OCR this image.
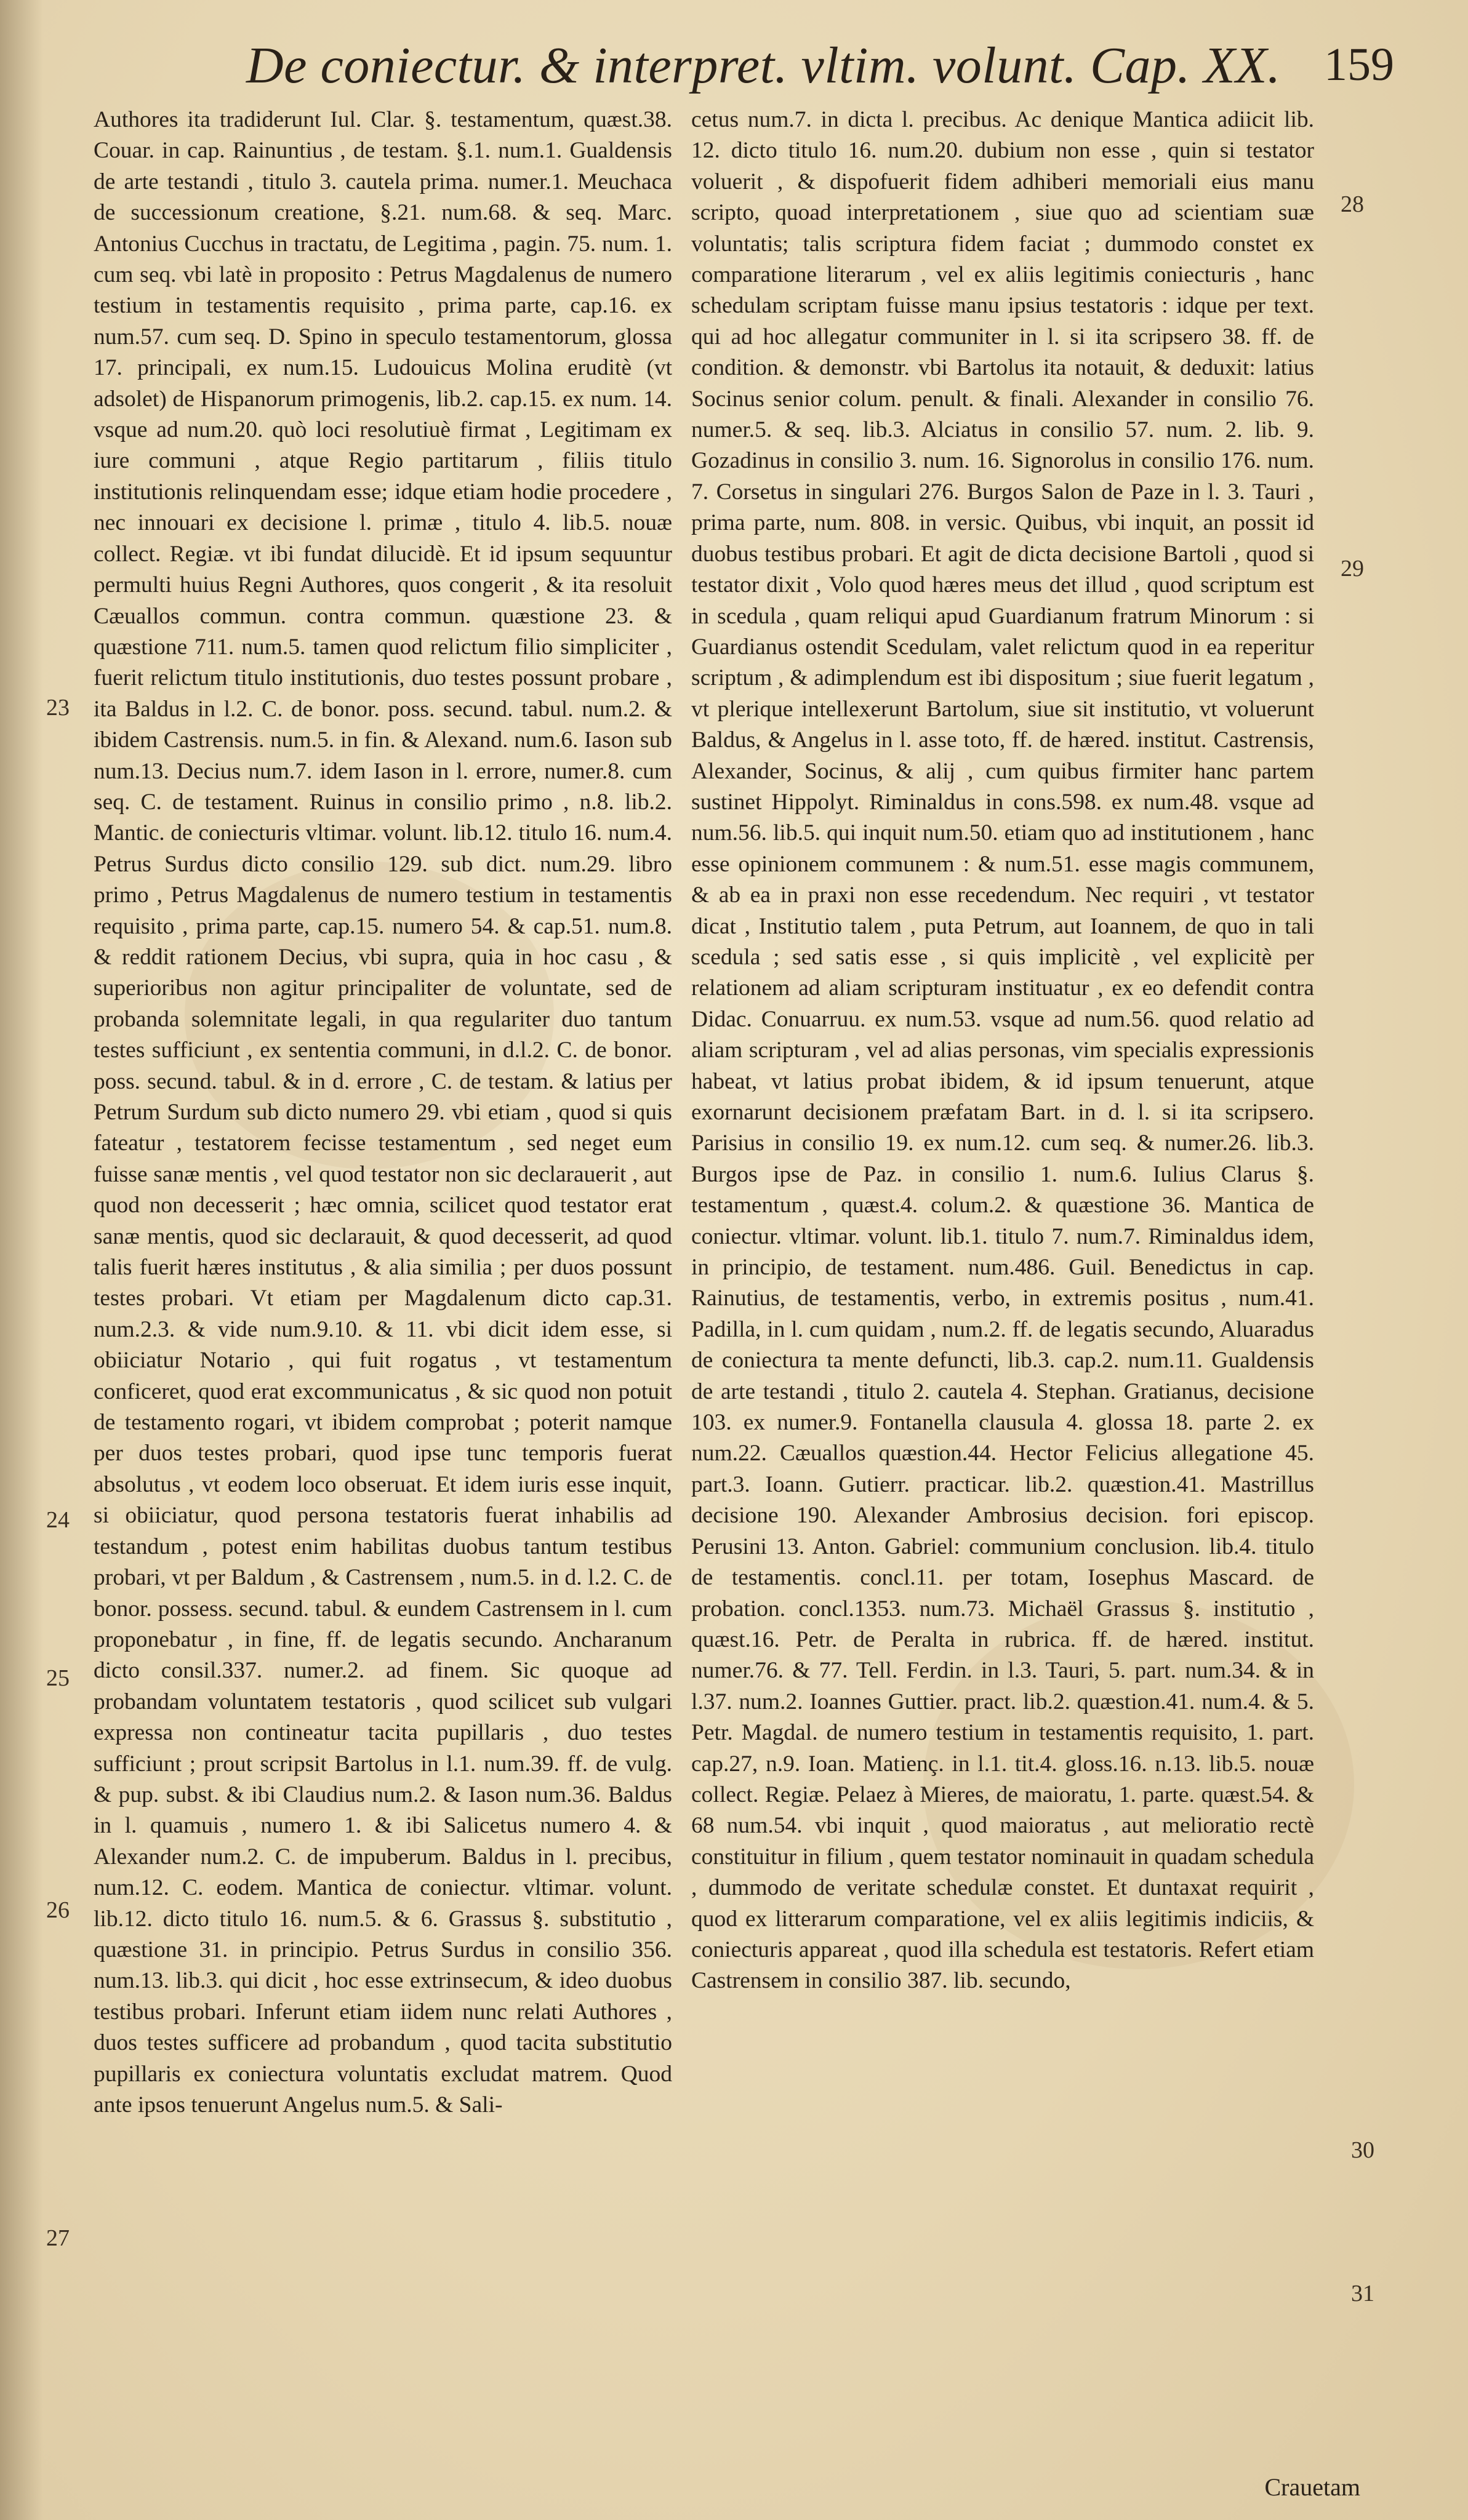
De coniectur. & interpret. vltim. volunt. Cap. XX. 159

Authores ita tradiderunt Iul. Clar. §. testamentum, quæst.38. Couar. in cap. Rainuntius , de testam. §.1. num.1. Gualdensis de arte testandi , titulo 3. cautela prima. numer.1. Meuchaca de successionum creatione, §.21. num.68. & seq. Marc. Antonius Cucchus in tractatu, de Legitima , pagin. 75. num. 1. cum seq. vbi latè in proposito : Petrus Magdalenus de numero testium in testamentis requisito , prima parte, cap.16. ex num.57. cum seq. D. Spino in speculo testamentorum, glossa 17. principali, ex num.15. Ludouicus Molina eruditè (vt adsolet) de Hispanorum primogenis, lib.2. cap.15. ex num. 14. vsque ad num.20. quò loci resolutiuè firmat , Legitimam ex iure communi , atque Regio partitarum , filiis titulo institutionis relinquendam esse; idque etiam hodie procedere , nec innouari ex decisione l. primæ , titulo 4. lib.5. nouæ collect. Regiæ. vt ibi fundat dilucidè. Et id ipsum sequuntur permulti huius Regni Authores, quos congerit , & ita resoluit Cæuallos commun. contra commun. quæstione 23. & quæstione 711. num.5. tamen quod relictum filio simpliciter , fuerit relictum titulo institutionis, duo testes possunt probare , ita Baldus in l.2. C. de bonor. poss. secund. tabul. num.2. & ibidem Castrensis. num.5. in fin. & Alexand. num.6. Iason sub num.13. Decius num.7. idem Iason in l. errore, numer.8. cum seq. C. de testament. Ruinus in consilio primo , n.8. lib.2. Mantic. de coniecturis vltimar. volunt. lib.12. titulo 16. num.4. Petrus Surdus dicto consilio 129. sub dict. num.29. libro primo , Petrus Magdalenus de numero testium in testamentis requisito , prima parte, cap.15. numero 54. & cap.51. num.8. & reddit rationem Decius, vbi supra, quia in hoc casu , & superioribus non agitur principaliter de voluntate, sed de probanda solemnitate legali, in qua regulariter duo tantum testes sufficiunt , ex sententia communi, in d.l.2. C. de bonor. poss. secund. tabul. & in d. errore , C. de testam. & latius per Petrum Surdum sub dicto numero 29. vbi etiam , quod si quis fateatur , testatorem fecisse testamentum , sed neget eum fuisse sanæ mentis , vel quod testator non sic declarauerit , aut quod non decesserit ; hæc omnia, scilicet quod testator erat sanæ mentis, quod sic declarauit, & quod decesserit, ad quod talis fuerit hæres institutus , & alia similia ; per duos possunt testes probari. Vt etiam per Magdalenum dicto cap.31. num.2.3. & vide num.9.10. & 11. vbi dicit idem esse, si obiiciatur Notario , qui fuit rogatus , vt testamentum conficeret, quod erat excommunicatus , & sic quod non potuit de testamento rogari, vt ibidem comprobat ; poterit namque per duos testes probari, quod ipse tunc temporis fuerat absolutus , vt eodem loco obseruat. Et idem iuris esse inquit, si obiiciatur, quod persona testatoris fuerat inhabilis ad testandum , potest enim habilitas duobus tantum testibus probari, vt per Baldum , & Castrensem , num.5. in d. l.2. C. de bonor. possess. secund. tabul. & eundem Castrensem in l. cum proponebatur , in fine, ff. de legatis secundo. Ancharanum dicto consil.337. numer.2. ad finem. Sic quoque ad probandam voluntatem testatoris , quod scilicet sub vulgari expressa non contineatur tacita pupillaris , duo testes sufficiunt ; prout scripsit Bartolus in l.1. num.39. ff. de vulg. & pup. subst. & ibi Claudius num.2. & Iason num.36. Baldus in l. quamuis , numero 1. & ibi Salicetus numero 4. & Alexander num.2. C. de impuberum. Baldus in l. precibus, num.12. C. eodem. Mantica de coniectur. vltimar. volunt. lib.12. dicto titulo 16. num.5. & 6. Grassus §. substitutio , quæstione 31. in principio. Petrus Surdus in consilio 356. num.13. lib.3. qui dicit , hoc esse extrinsecum, & ideo duobus testibus probari. Inferunt etiam iidem nunc relati Authores , duos testes sufficere ad probandum , quod tacita substitutio pupillaris ex coniectura voluntatis excludat matrem. Quod ante ipsos tenuerunt Angelus num.5. & Sali-

cetus num.7. in dicta l. precibus. Ac denique Mantica adiicit lib. 12. dicto titulo 16. num.20. dubium non esse , quin si testator voluerit , & dispofuerit fidem adhiberi memoriali eius manu scripto, quoad interpretationem , siue quo ad scientiam suæ voluntatis; talis scriptura fidem faciat ; dummodo constet ex comparatione literarum , vel ex aliis legitimis coniecturis , hanc schedulam scriptam fuisse manu ipsius testatoris : idque per text. qui ad hoc allegatur communiter in l. si ita scripsero 38. ff. de condition. & demonstr. vbi Bartolus ita notauit, & deduxit: latius Socinus senior colum. penult. & finali. Alexander in consilio 76. numer.5. & seq. lib.3. Alciatus in consilio 57. num. 2. lib. 9. Gozadinus in consilio 3. num. 16. Signorolus in consilio 176. num. 7. Corsetus in singulari 276. Burgos Salon de Paze in l. 3. Tauri , prima parte, num. 808. in versic. Quibus, vbi inquit, an possit id duobus testibus probari. Et agit de dicta decisione Bartoli , quod si testator dixit , Volo quod hæres meus det illud , quod scriptum est in scedula , quam reliqui apud Guardianum fratrum Minorum : si Guardianus ostendit Scedulam, valet relictum quod in ea reperitur scriptum , & adimplendum est ibi dispositum ; siue fuerit legatum , vt plerique intellexerunt Bartolum, siue sit institutio, vt voluerunt Baldus, & Angelus in l. asse toto, ff. de hæred. institut. Castrensis, Alexander, Socinus, & alij , cum quibus firmiter hanc partem sustinet Hippolyt. Riminaldus in cons.598. ex num.48. vsque ad num.56. lib.5. qui inquit num.50. etiam quo ad institutionem , hanc esse opinionem communem : & num.51. esse magis communem, & ab ea in praxi non esse recedendum. Nec requiri , vt testator dicat , Institutio talem , puta Petrum, aut Ioannem, de quo in tali scedula ; sed satis esse , si quis implicitè , vel explicitè per relationem ad aliam scripturam instituatur , ex eo defendit contra Didac. Conuarruu. ex num.53. vsque ad num.56. quod relatio ad aliam scripturam , vel ad alias personas, vim specialis expressionis habeat, vt latius probat ibidem, & id ipsum tenuerunt, atque exornarunt decisionem præfatam Bart. in d. l. si ita scripsero. Parisius in consilio 19. ex num.12. cum seq. & numer.26. lib.3. Burgos ipse de Paz. in consilio 1. num.6. Iulius Clarus §. testamentum , quæst.4. colum.2. & quæstione 36. Mantica de coniectur. vltimar. volunt. lib.1. titulo 7. num.7. Riminaldus idem, in principio, de testament. num.486. Guil. Benedictus in cap. Rainutius, de testamentis, verbo, in extremis positus , num.41. Padilla, in l. cum quidam , num.2. ff. de legatis secundo, Aluaradus de coniectura ta mente defuncti, lib.3. cap.2. num.11. Gualdensis de arte testandi , titulo 2. cautela 4. Stephan. Gratianus, decisione 103. ex numer.9. Fontanella clausula 4. glossa 18. parte 2. ex num.22. Cæuallos quæstion.44. Hector Felicius allegatione 45. part.3. Ioann. Gutierr. practicar. lib.2. quæstion.41. Mastrillus decisione 190. Alexander Ambrosius decision. fori episcop. Perusini 13. Anton. Gabriel: communium conclusion. lib.4. titulo de testamentis. concl.11. per totam, Iosephus Mascard. de probation. concl.1353. num.73. Michaël Grassus §. institutio , quæst.16. Petr. de Peralta in rubrica. ff. de hæred. institut. numer.76. & 77. Tell. Ferdin. in l.3. Tauri, 5. part. num.34. & in l.37. num.2. Ioannes Guttier. pract. lib.2. quæstion.41. num.4. & 5. Petr. Magdal. de numero testium in testamentis requisito, 1. part. cap.27, n.9. Ioan. Matienç. in l.1. tit.4. gloss.16. n.13. lib.5. nouæ collect. Regiæ. Pelaez à Mieres, de maioratu, 1. parte. quæst.54. & 68 num.54. vbi inquit , quod maioratus , aut melioratio rectè constituitur in filium , quem testator nominauit in quadam schedula , dummodo de veritate schedulæ constet. Et duntaxat requirit , quod ex litterarum comparatione, vel ex aliis legitimis indiciis, & coniecturis appareat , quod illa schedula est testatoris. Refert etiam Castrensem in consilio 387. lib. secundo,

23
24
25
26
27
28
29
30
31
Crauetam
